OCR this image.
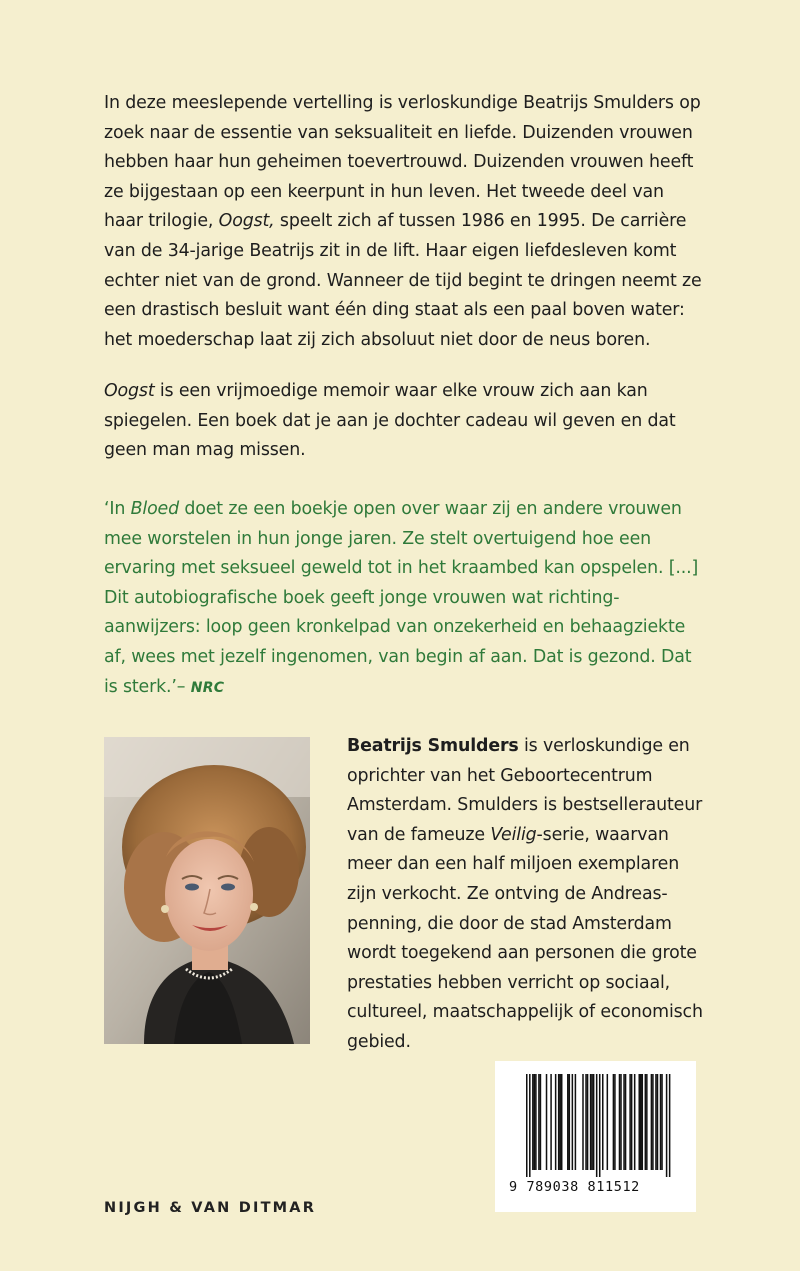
In deze meeslepende vertelling is verloskundige Beatrijs Smulders op zoek naar de essentie van seksualiteit en liefde. Duizenden vrouwen hebben haar hun geheimen toevertrouwd. Duizenden vrouwen heeft ze bijgestaan op een keerpunt in hun leven. Het tweede deel van haar trilogie, Oogst, speelt zich af tussen 1986 en 1995. De carrière van de 34-jarige Beatrijs zit in de lift. Haar eigen liefdesleven komt echter niet van de grond. Wanneer de tijd begint te dringen neemt ze een drastisch besluit want één ding staat als een paal boven water: het moederschap laat zij zich absoluut niet door de neus boren.

Oogst is een vrijmoedige memoir waar elke vrouw zich aan kan spiegelen. Een boek dat je aan je dochter cadeau wil geven en dat geen man mag missen.

‘In Bloed doet ze een boekje open over waar zij en andere vrouwen mee worstelen in hun jonge jaren. Ze stelt overtuigend hoe een ervaring met seksueel geweld tot in het kraambed kan opspelen. [...] Dit autobiografische boek geeft jonge vrouwen wat richting-aanwijzers: loop geen kronkelpad van onzekerheid en behaagziekte af, wees met jezelf ingenomen, van begin af aan. Dat is gezond. Dat is sterk.’– NRC

Beatrijs Smulders is verloskundige en oprichter van het Geboortecentrum Amsterdam. Smulders is bestsellerauteur van de fameuze Veilig-serie, waarvan meer dan een half miljoen exemplaren zijn verkocht. Ze ontving de Andreas-penning, die door de stad Amsterdam wordt toegekend aan personen die grote prestaties hebben verricht op sociaal, cultureel, maatschappelijk of economisch gebied.

9 789038 811512
NIJGH & VAN DITMAR
